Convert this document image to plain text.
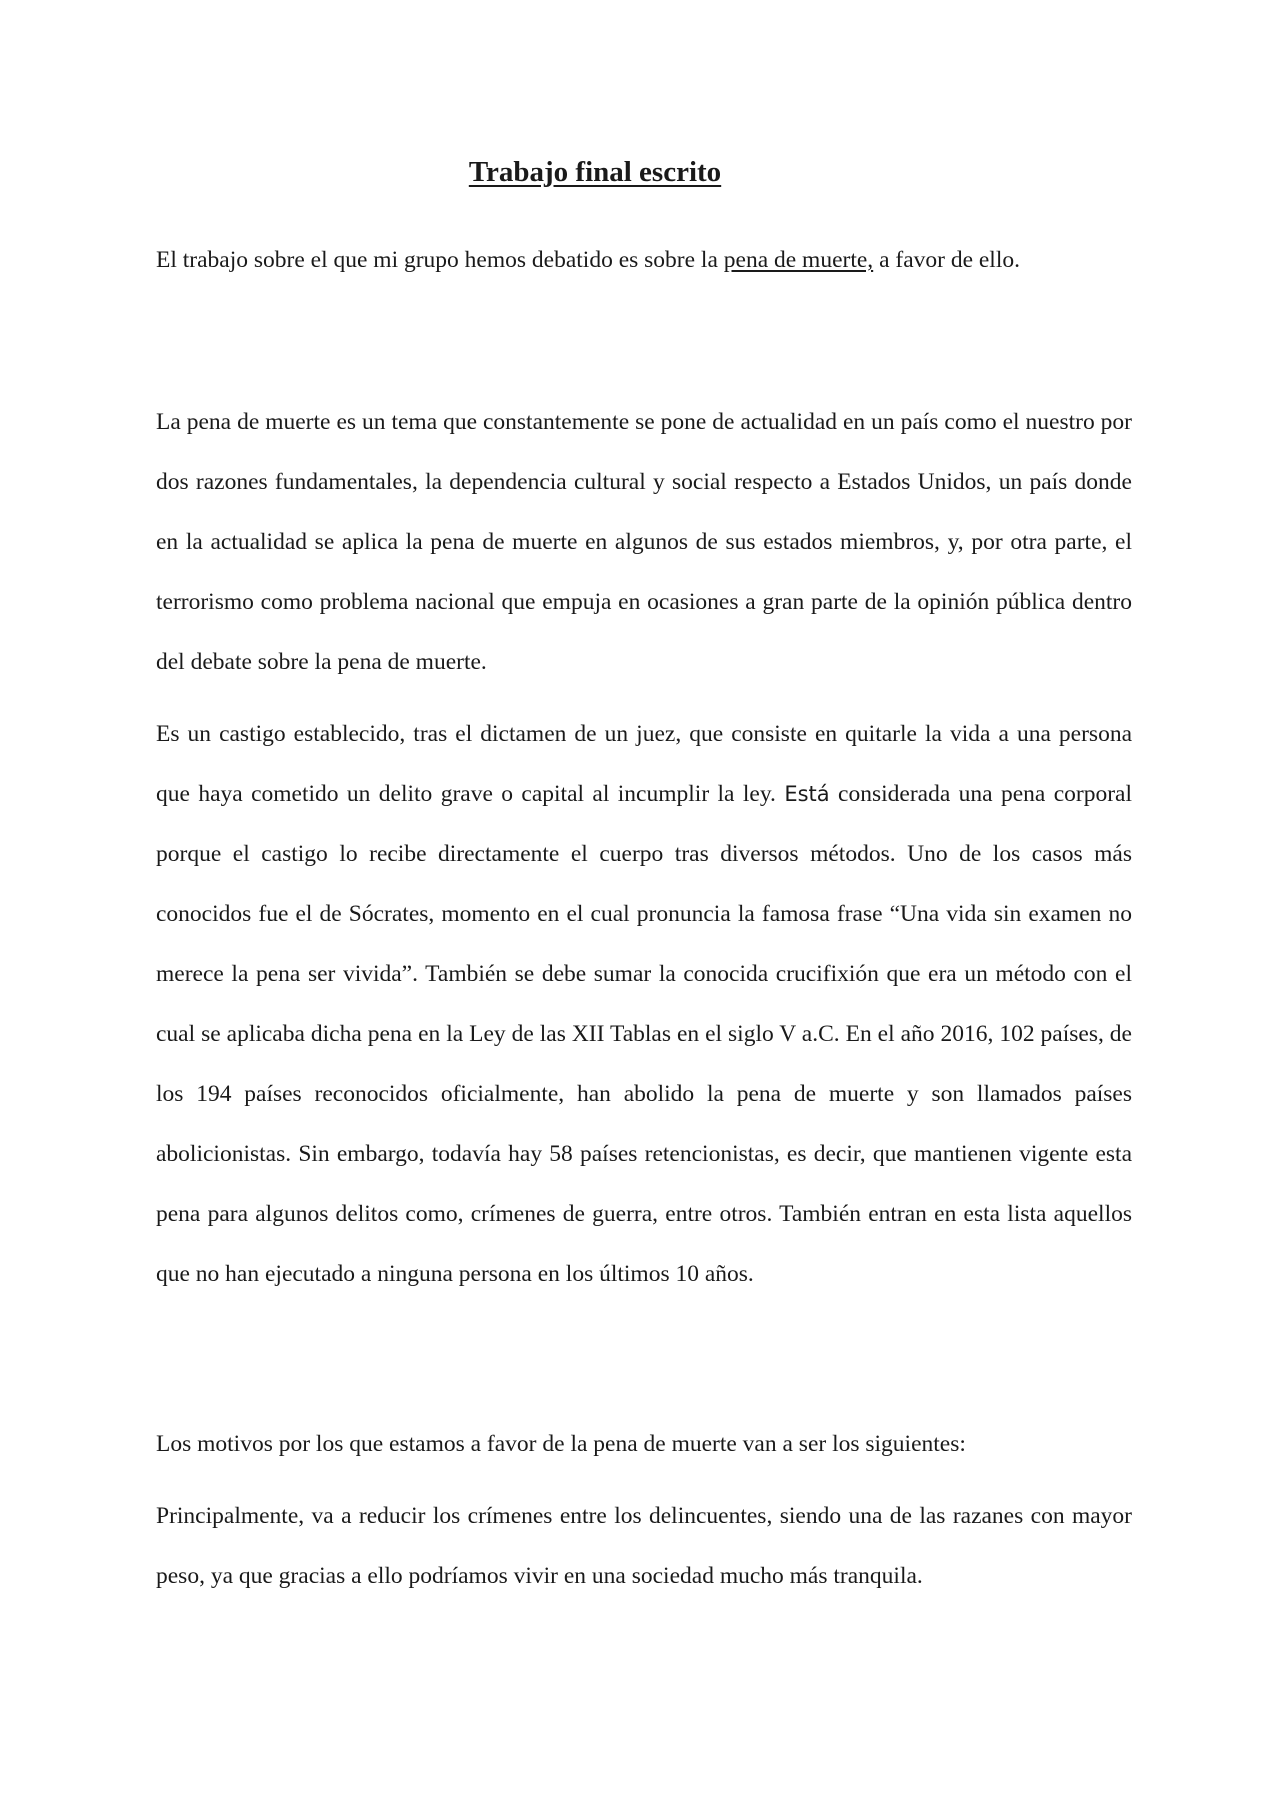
Trabajo final escrito

El trabajo sobre el que mi grupo hemos debatido es sobre la pena de muerte, a favor de ello.

La pena de muerte es un tema que constantemente se pone de actualidad en un país como el nuestro por dos razones fundamentales, la dependencia cultural y social respecto a Estados Unidos, un país donde en la actualidad se aplica la pena de muerte en algunos de sus estados miembros, y, por otra parte, el terrorismo como problema nacional que empuja en ocasiones a gran parte de la opinión pública dentro del debate sobre la pena de muerte.

Es un castigo establecido, tras el dictamen de un juez, que consiste en quitarle la vida a una persona que haya cometido un delito grave o capital al incumplir la ley. Está considerada una pena corporal porque el castigo lo recibe directamente el cuerpo tras diversos métodos. Uno de los casos más conocidos fue el de Sócrates, momento en el cual pronuncia la famosa frase “Una vida sin examen no merece la pena ser vivida”. También se debe sumar la conocida crucifixión que era un método con el cual se aplicaba dicha pena en la Ley de las XII Tablas en el siglo V a.C. En el año 2016, 102 países, de los 194 países reconocidos oficialmente, han abolido la pena de muerte y son llamados países abolicionistas. Sin embargo, todavía hay 58 países retencionistas, es decir, que mantienen vigente esta pena para algunos delitos como, crímenes de guerra, entre otros. También entran en esta lista aquellos que no han ejecutado a ninguna persona en los últimos 10 años.

Los motivos por los que estamos a favor de la pena de muerte van a ser los siguientes:

Principalmente, va a reducir los crímenes entre los delincuentes, siendo una de las razanes con mayor peso, ya que gracias a ello podríamos vivir en una sociedad mucho más tranquila.
